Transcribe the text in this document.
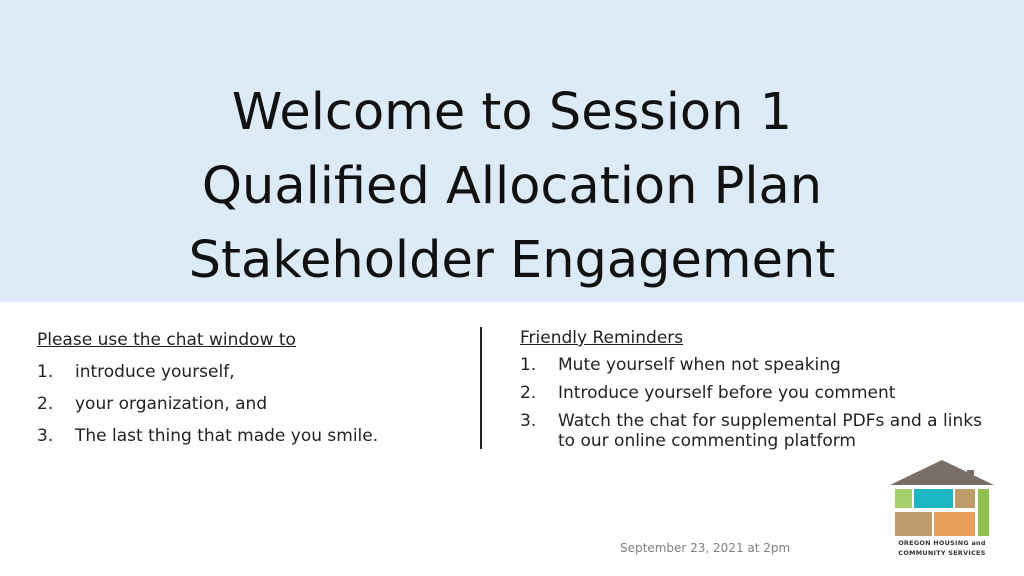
Welcome to Session 1
Qualified Allocation Plan
Stakeholder Engagement
Please use the chat window to
1.	introduce yourself,
2.	your organization, and
3.	The last thing that made you smile.
Friendly Reminders
1.	Mute yourself when not speaking
2.	Introduce yourself before you comment
3.	Watch the chat for supplemental PDFs and a links to our online commenting platform
September 23, 2021 at 2pm	OREGON HOUSING and
COMMUNITY SERVICES
